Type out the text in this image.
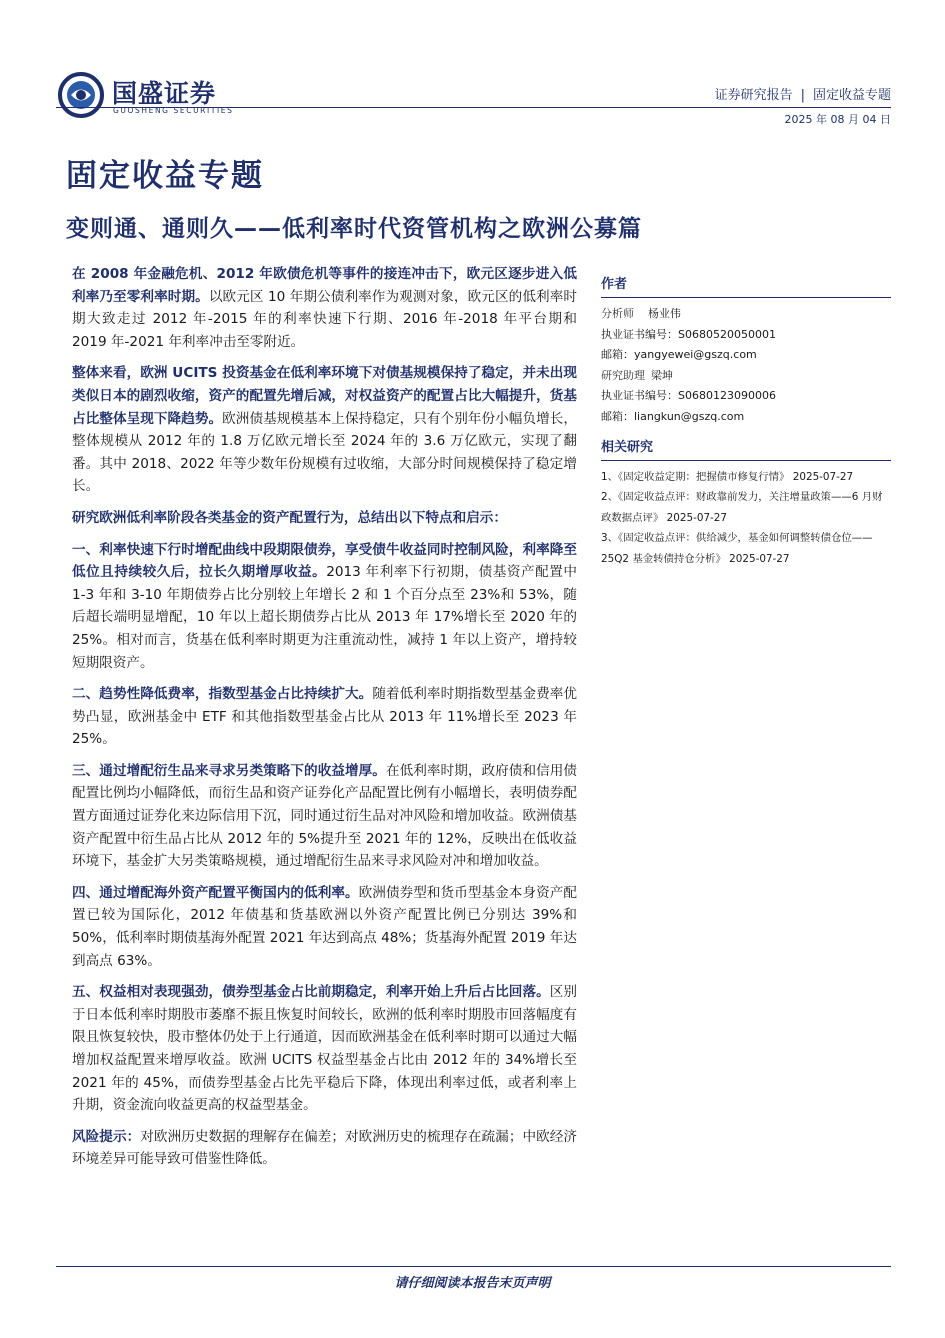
国盛证券
GUOSHENG SECURITIES
证券研究报告 | 固定收益专题
2025 年 08 月 04 日
固定收益专题
变则通、通则久——低利率时代资管机构之欧洲公募篇

在 2008 年金融危机、2012 年欧债危机等事件的接连冲击下，欧元区逐步进入低利率乃至零利率时期。以欧元区 10 年期公债利率作为观测对象，欧元区的低利率时期大致走过 2012 年-2015 年的利率快速下行期、2016 年-2018 年平台期和 2019 年-2021 年利率冲击至零附近。

整体来看，欧洲 UCITS 投资基金在低利率环境下对债基规模保持了稳定，并未出现类似日本的剧烈收缩，资产的配置先增后减，对权益资产的配置占比大幅提升，货基占比整体呈现下降趋势。欧洲债基规模基本上保持稳定，只有个别年份小幅负增长，整体规模从 2012 年的 1.8 万亿欧元增长至 2024 年的 3.6 万亿欧元，实现了翻番。其中 2018、2022 年等少数年份规模有过收缩，大部分时间规模保持了稳定增长。

研究欧洲低利率阶段各类基金的资产配置行为，总结出以下特点和启示：

一、利率快速下行时增配曲线中段期限债券，享受债牛收益同时控制风险，利率降至低位且持续较久后，拉长久期增厚收益。2013 年利率下行初期，债基资产配置中 1-3 年和 3-10 年期债券占比分别较上年增长 2 和 1 个百分点至 23%和 53%，随后超长端明显增配，10 年以上超长期债券占比从 2013 年 17%增长至 2020 年的 25%。相对而言，货基在低利率时期更为注重流动性，减持 1 年以上资产，增持较短期限资产。

二、趋势性降低费率，指数型基金占比持续扩大。随着低利率时期指数型基金费率优势凸显，欧洲基金中 ETF 和其他指数型基金占比从 2013 年 11%增长至 2023 年 25%。

三、通过增配衍生品来寻求另类策略下的收益增厚。在低利率时期，政府债和信用债配置比例均小幅降低，而衍生品和资产证券化产品配置比例有小幅增长，表明债券配置方面通过证券化来边际信用下沉，同时通过衍生品对冲风险和增加收益。欧洲债基资产配置中衍生品占比从 2012 年的 5%提升至 2021 年的 12%，反映出在低收益环境下，基金扩大另类策略规模，通过增配衍生品来寻求风险对冲和增加收益。

四、通过增配海外资产配置平衡国内的低利率。欧洲债券型和货币型基金本身资产配置已较为国际化，2012 年债基和货基欧洲以外资产配置比例已分别达 39%和 50%，低利率时期债基海外配置 2021 年达到高点 48%；货基海外配置 2019 年达到高点 63%。

五、权益相对表现强劲，债券型基金占比前期稳定，利率开始上升后占比回落。区别于日本低利率时期股市萎靡不振且恢复时间较长，欧洲的低利率时期股市回落幅度有限且恢复较快，股市整体仍处于上行通道，因而欧洲基金在低利率时期可以通过大幅增加权益配置来增厚收益。欧洲 UCITS 权益型基金占比由 2012 年的 34%增长至 2021 年的 45%，而债券型基金占比先平稳后下降，体现出利率过低，或者利率上升期，资金流向收益更高的权益型基金。

风险提示：对欧洲历史数据的理解存在偏差；对欧洲历史的梳理存在疏漏；中欧经济环境差异可能导致可借鉴性降低。

作者
分析师 杨业伟
执业证书编号：S0680520050001
邮箱：yangyewei@gszq.com
研究助理 梁坤
执业证书编号：S0680123090006
邮箱：liangkun@gszq.com
相关研究
1、《固定收益定期：把握债市修复行情》 2025-07-27
2、《固定收益点评：财政靠前发力，关注增量政策——6 月财政数据点评》 2025-07-27
3、《固定收益点评：供给减少，基金如何调整转债仓位——25Q2 基金转债持仓分析》 2025-07-27
请仔细阅读本报告末页声明
